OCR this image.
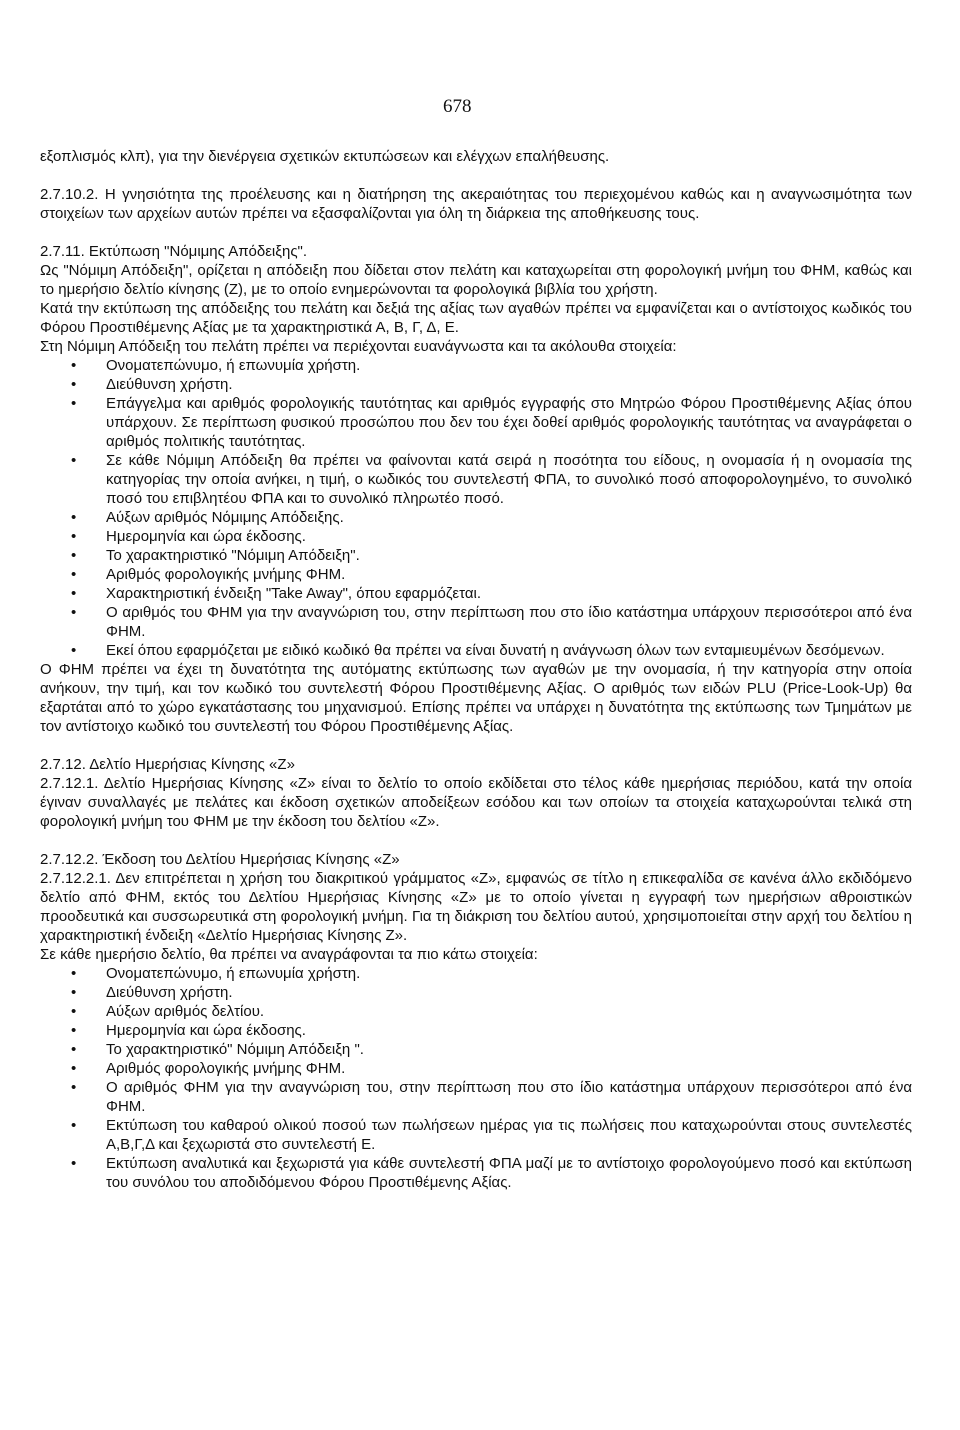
678

εξοπλισμός κλπ), για την διενέργεια σχετικών εκτυπώσεων και ελέγχων επαλήθευσης.

2.7.10.2. Η γνησιότητα της προέλευσης και η διατήρηση της ακεραιότητας του περιεχομένου καθώς και η αναγνωσιμότητα των στοιχείων των αρχείων αυτών πρέπει να εξασφαλίζονται για όλη τη διάρκεια της αποθήκευσης τους.

2.7.11. Εκτύπωση "Νόμιμης Απόδειξης".

Ως "Νόμιμη Απόδειξη", ορίζεται η απόδειξη που δίδεται στον πελάτη και καταχωρείται στη φορολογική μνήμη του ΦΗΜ, καθώς και το ημερήσιο δελτίο κίνησης (Ζ), με το οποίο ενημερώνονται τα φορολογικά βιβλία του χρήστη.

Κατά την εκτύπωση της απόδειξης του πελάτη και δεξιά της αξίας των αγαθών πρέπει να εμφανίζεται και ο αντίστοιχος κωδικός του Φόρου Προστιθέμενης Αξίας με τα χαρακτηριστικά Α, Β, Γ, Δ, Ε.

Στη Νόμιμη Απόδειξη του πελάτη πρέπει να περιέχονται ευανάγνωστα και τα ακόλουθα στοιχεία:

• Ονοματεπώνυμο, ή επωνυμία χρήστη.
• Διεύθυνση χρήστη.
• Επάγγελμα και αριθμός φορολογικής ταυτότητας και αριθμός εγγραφής στο Μητρώο Φόρου Προστιθέμενης Αξίας όπου υπάρχουν. Σε περίπτωση φυσικού προσώπου που δεν του έχει δοθεί αριθμός φορολογικής ταυτότητας να αναγράφεται ο αριθμός πολιτικής ταυτότητας.
• Σε κάθε Νόμιμη Απόδειξη θα πρέπει να φαίνονται κατά σειρά η ποσότητα του είδους, η ονομασία ή η ονομασία της κατηγορίας την οποία ανήκει, η τιμή, ο κωδικός του συντελεστή ΦΠΑ, το συνολικό ποσό αποφορολογημένο, το συνολικό ποσό του επιβλητέου ΦΠΑ και το συνολικό πληρωτέο ποσό.
• Αύξων αριθμός Νόμιμης Απόδειξης.
• Ημερομηνία και ώρα έκδοσης.
• Το χαρακτηριστικό "Νόμιμη Απόδειξη".
• Αριθμός φορολογικής μνήμης ΦΗΜ.
• Χαρακτηριστική ένδειξη "Take Away", όπου εφαρμόζεται.
• Ο αριθμός του ΦΗΜ για την αναγνώριση του, στην περίπτωση που στο ίδιο κατάστημα υπάρχουν περισσότεροι από ένα ΦΗΜ.
• Εκεί όπου εφαρμόζεται με ειδικό κωδικό θα πρέπει να είναι δυνατή η ανάγνωση όλων των ενταμιευμένων δεσόμενων.

Ο ΦΗΜ πρέπει να έχει τη δυνατότητα της αυτόματης εκτύπωσης των αγαθών με την ονομασία, ή την κατηγορία στην οποία ανήκουν, την τιμή, και τον κωδικό του συντελεστή Φόρου Προστιθέμενης Αξίας. Ο αριθμός των ειδών PLU (Price-Look-Up) θα εξαρτάται από το χώρο εγκατάστασης του μηχανισμού. Επίσης πρέπει να υπάρχει η δυνατότητα της εκτύπωσης των Τμημάτων με τον αντίστοιχο κωδικό του συντελεστή του Φόρου Προστιθέμενης Αξίας.

2.7.12. Δελτίο Ημερήσιας Κίνησης «Ζ»

2.7.12.1. Δελτίο Ημερήσιας Κίνησης «Ζ» είναι το δελτίο το οποίο εκδίδεται στο τέλος κάθε ημερήσιας περιόδου, κατά την οποία έγιναν συναλλαγές με πελάτες και έκδοση σχετικών αποδείξεων εσόδου και των οποίων τα στοιχεία καταχωρούνται τελικά στη φορολογική μνήμη του ΦΗΜ με την έκδοση του δελτίου «Ζ».

2.7.12.2. Έκδοση του Δελτίου Ημερήσιας Κίνησης «Ζ»

2.7.12.2.1. Δεν επιτρέπεται η χρήση του διακριτικού γράμματος «Ζ», εμφανώς σε τίτλο η επικεφαλίδα σε κανένα άλλο εκδιδόμενο δελτίο από ΦΗΜ, εκτός του Δελτίου Ημερήσιας Κίνησης «Ζ» με το οποίο γίνεται η εγγραφή των ημερήσιων αθροιστικών προοδευτικά και συσσωρευτικά στη φορολογική μνήμη. Για τη διάκριση του δελτίου αυτού, χρησιμοποιείται στην αρχή του δελτίου η χαρακτηριστική ένδειξη «Δελτίο Ημερήσιας Κίνησης Ζ».

Σε κάθε ημερήσιο δελτίο, θα πρέπει να αναγράφονται τα πιο κάτω στοιχεία:

• Ονοματεπώνυμο, ή επωνυμία χρήστη.
• Διεύθυνση χρήστη.
• Αύξων αριθμός δελτίου.
• Ημερομηνία και ώρα έκδοσης.
• Το χαρακτηριστικό" Νόμιμη Απόδειξη ".
• Αριθμός φορολογικής μνήμης ΦΗΜ.
• Ο αριθμός ΦΗΜ για την αναγνώριση του, στην περίπτωση που στο ίδιο κατάστημα υπάρχουν περισσότεροι από ένα ΦΗΜ.
• Εκτύπωση του καθαρού ολικού ποσού των πωλήσεων ημέρας για τις πωλήσεις που καταχωρούνται στους συντελεστές Α,Β,Γ,Δ και ξεχωριστά στο συντελεστή Ε.
• Εκτύπωση αναλυτικά και ξεχωριστά για κάθε συντελεστή ΦΠΑ μαζί με το αντίστοιχο φορολογούμενο ποσό και εκτύπωση του συνόλου του αποδιδόμενου Φόρου Προστιθέμενης Αξίας.
